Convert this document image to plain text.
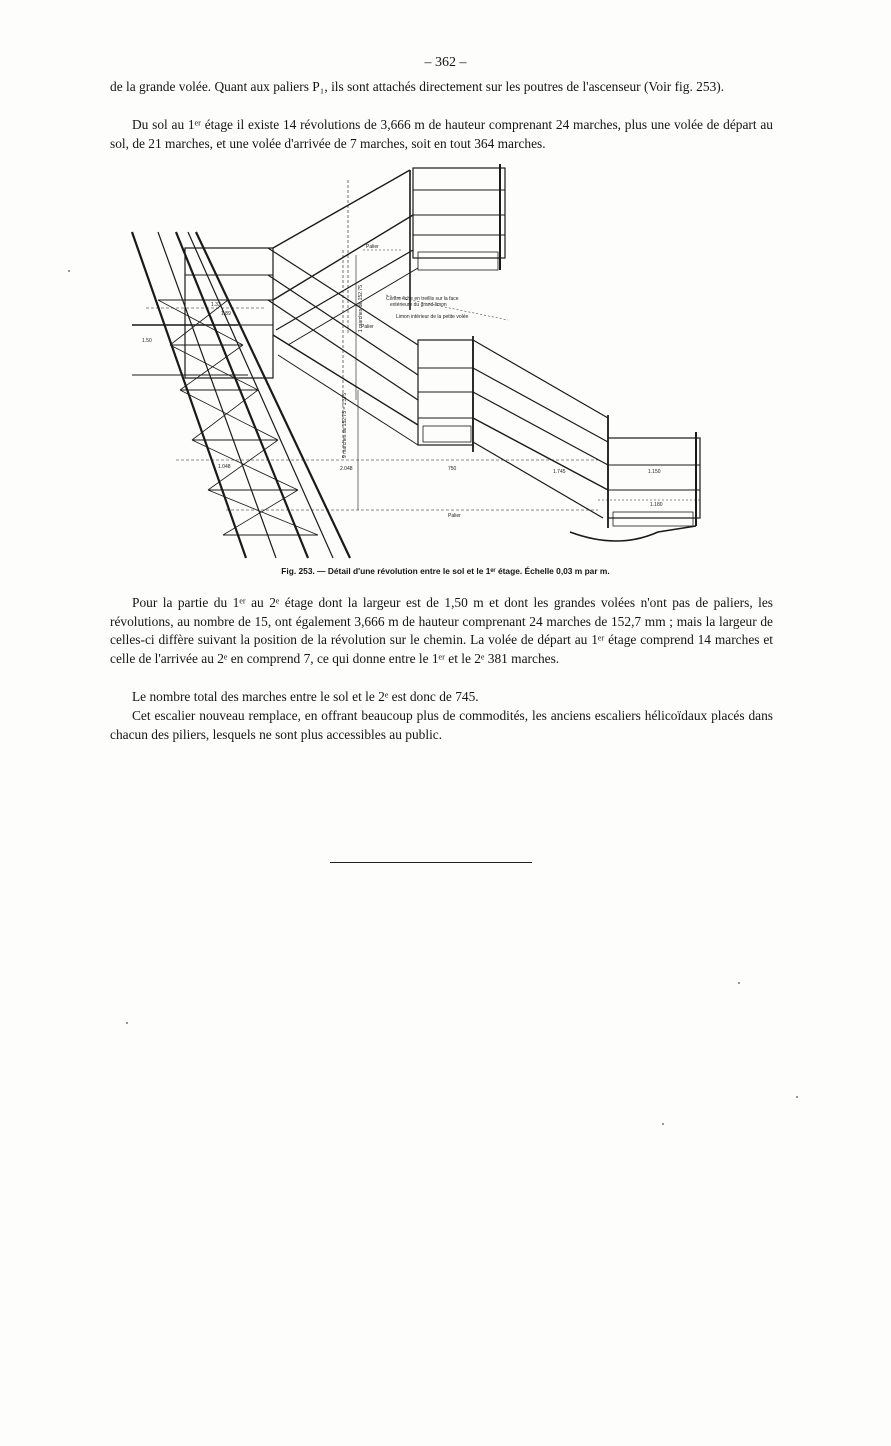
– 362 –

de la grande volée. Quant aux paliers P₁, ils sont attachés directement sur les poutres de l'ascenseur (Voir fig. 253).

Du sol au 1ᵉʳ étage il existe 14 révolutions de 3,666 m de hauteur comprenant 24 marches, plus une volée de départ au sol, de 21 marches, et une volée d'arrivée de 7 marches, soit en tout 364 marches.

Palier
Palier
Palier
Contre fiche en treillis sur la face
extérieure du grand limon
Limon intérieur de la petite volée
1.89
1.33
1.50
1.150
1.048	2.048	1.745
750
1.180
1 marches de 152.75
9 marches de 152.75 = 1.375
Fig. 253. — Détail d'une révolution entre le sol et le 1ᵉʳ étage. Échelle 0,03 m par m.

Pour la partie du 1ᵉʳ au 2ᵉ étage dont la largeur est de 1,50 m et dont les grandes volées n'ont pas de paliers, les révolutions, au nombre de 15, ont également 3,666 m de hauteur comprenant 24 marches de 152,7 mm ; mais la largeur de celles-ci diffère suivant la position de la révolution sur le chemin. La volée de départ au 1ᵉʳ étage comprend 14 marches et celle de l'arrivée au 2ᵉ en comprend 7, ce qui donne entre le 1ᵉʳ et le 2ᵉ 381 marches.

Le nombre total des marches entre le sol et le 2ᵉ est donc de 745.

Cet escalier nouveau remplace, en offrant beaucoup plus de commodités, les anciens escaliers hélicoïdaux placés dans chacun des piliers, lesquels ne sont plus accessibles au public.
